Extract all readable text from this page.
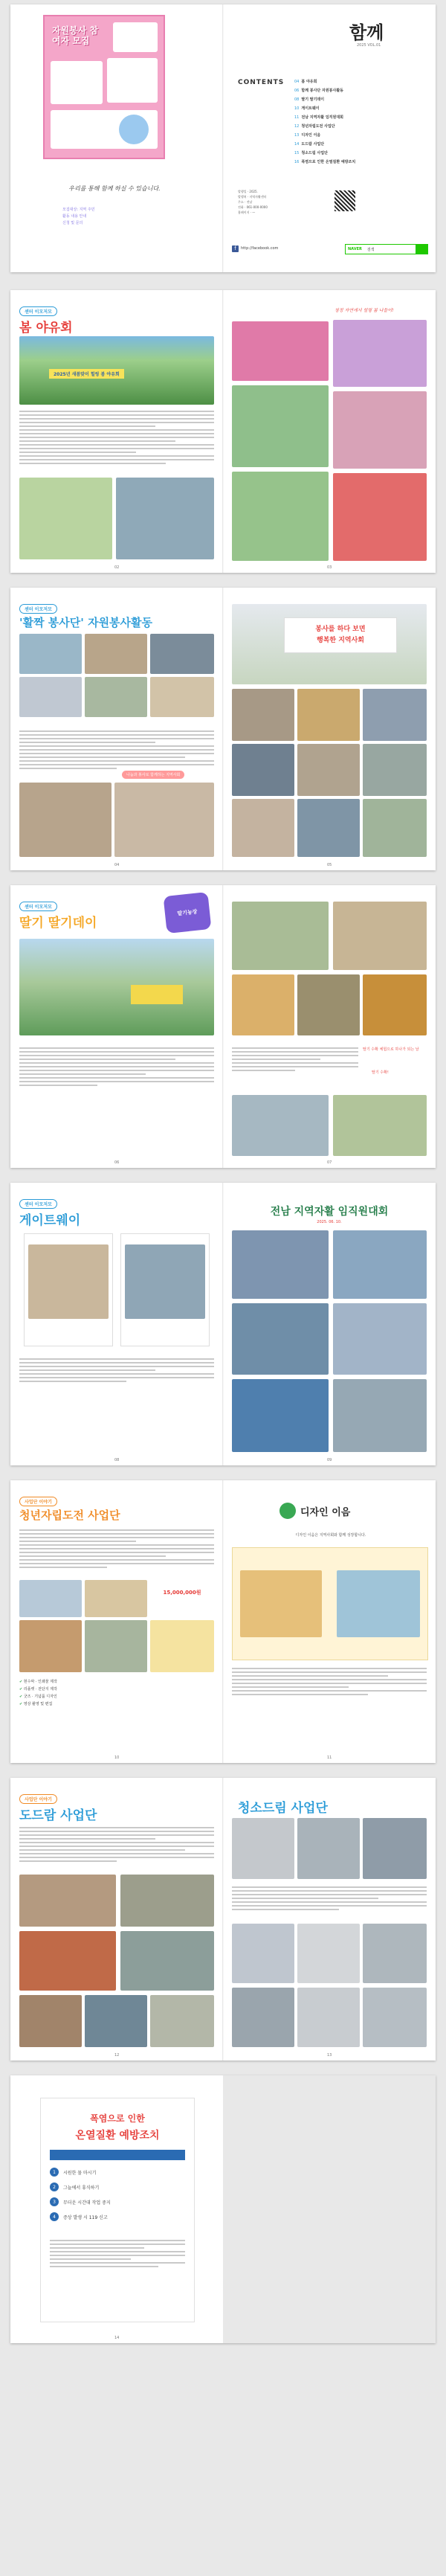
자원봉사 참여자 모집
우리를 통해 함께 하실 수 있습니다.
모집대상: 지역 주민
활동 내용 안내
신청 및 문의
함께
2025 VOL.01
CONTENTS	04 봄 야유회
06 함께 봉사단 자원봉사활동
08 딸기 딸기데이
10 게이트웨이
11 전남 지역자활 임직원대회
12 청년자립도전 사업단
13 디자인 이음
14 도드람 사업단
15 청소드림 사업단
16 폭염으로 인한 온열질환 예방조치
발행일 · 2025.
발행처 · 지역자활센터
주소 · 전남
전화 · 061-000-0000
홈페이지 · —
f	http://facebook.com	NAVER	검색
센터 이모저모
봄 야유회
2025년 새봄맞이 힐링 봄 야유회
02
청정 자연에서 힐링 봄 나들이!
03
센터 이모저모
'활짝 봉사단' 자원봉사활동
나눔과 봉사로 함께하는 지역사회
04
봉사를 하다 보면
행복한 지역사회
05
센터 이모저모
딸기 딸기데이
딸기농장
06
딸기 수확 체험으로 하나가 되는 날
딸기 수확!
07
센터 이모저모
게이트웨이
08
전남 지역자활 임직원대회
2025. 06. 10.
09
사업단 이야기
청년자립도전 사업단
15,000,000원
✔ 현수막 · 인쇄물 제작
✔ 리플렛 · 전단지 제작
✔ 굿즈 · 기념품 디자인
✔ 영상 촬영 및 편집
10
디자인 이음
디자인 이음은 지역사회와 함께 성장합니다.
11
사업단 이야기
도드람 사업단
12
청소드림 사업단
13
폭염으로 인한
온열질환 예방조치
1	시원한 물 마시기
2	그늘에서 휴식하기
3	무더운 시간대 작업 중지
4	증상 발생 시 119 신고
14
